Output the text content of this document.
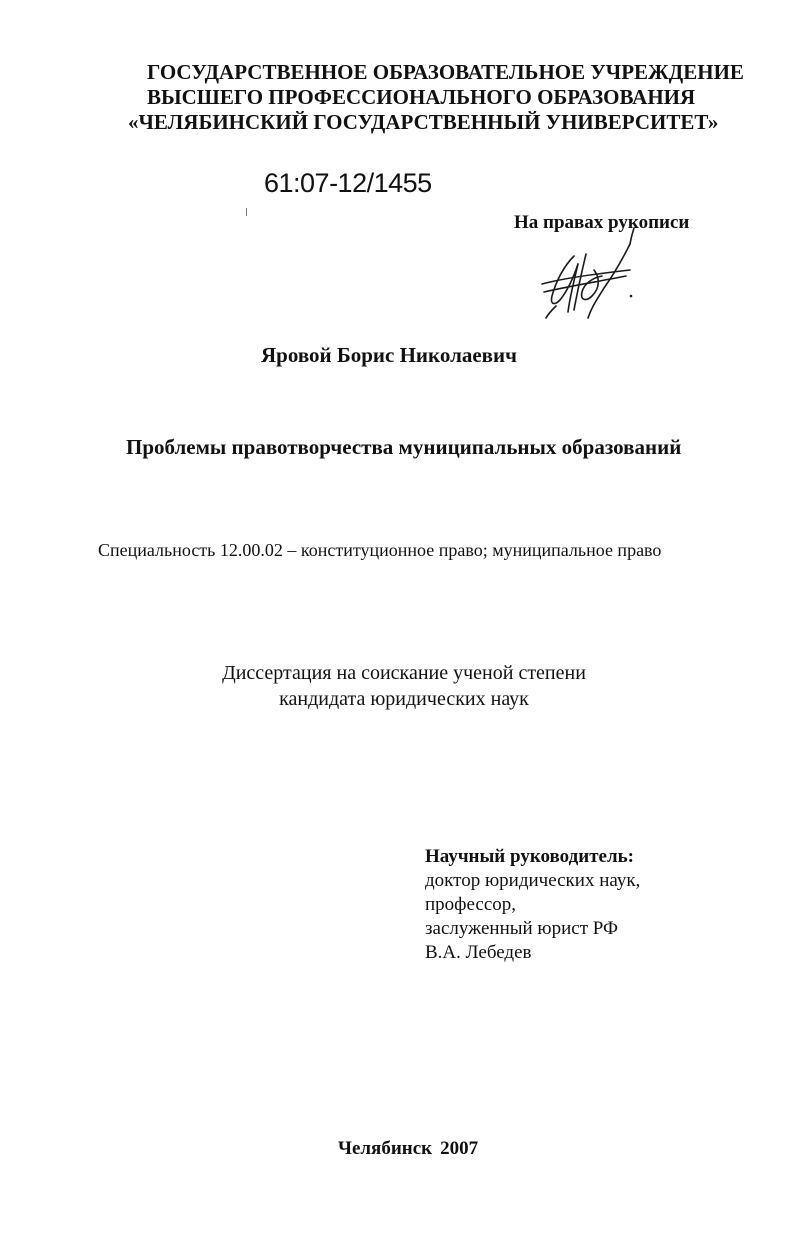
ГОСУДАРСТВЕННОЕ ОБРАЗОВАТЕЛЬНОЕ УЧРЕЖДЕНИЕ
ВЫСШЕГО ПРОФЕССИОНАЛЬНОГО ОБРАЗОВАНИЯ
«ЧЕЛЯБИНСКИЙ ГОСУДАРСТВЕННЫЙ УНИВЕРСИТЕТ»
61:07-12/1455
На правах рукописи
Яровой Борис Николаевич
Проблемы правотворчества муниципальных образований
Специальность 12.00.02 – конституционное право; муниципальное право
Диссертация на соискание ученой степени
кандидата юридических наук
Научный руководитель:
доктор юридических наук,
профессор,
заслуженный юрист РФ
В.А. Лебедев
Челябинск 2007
